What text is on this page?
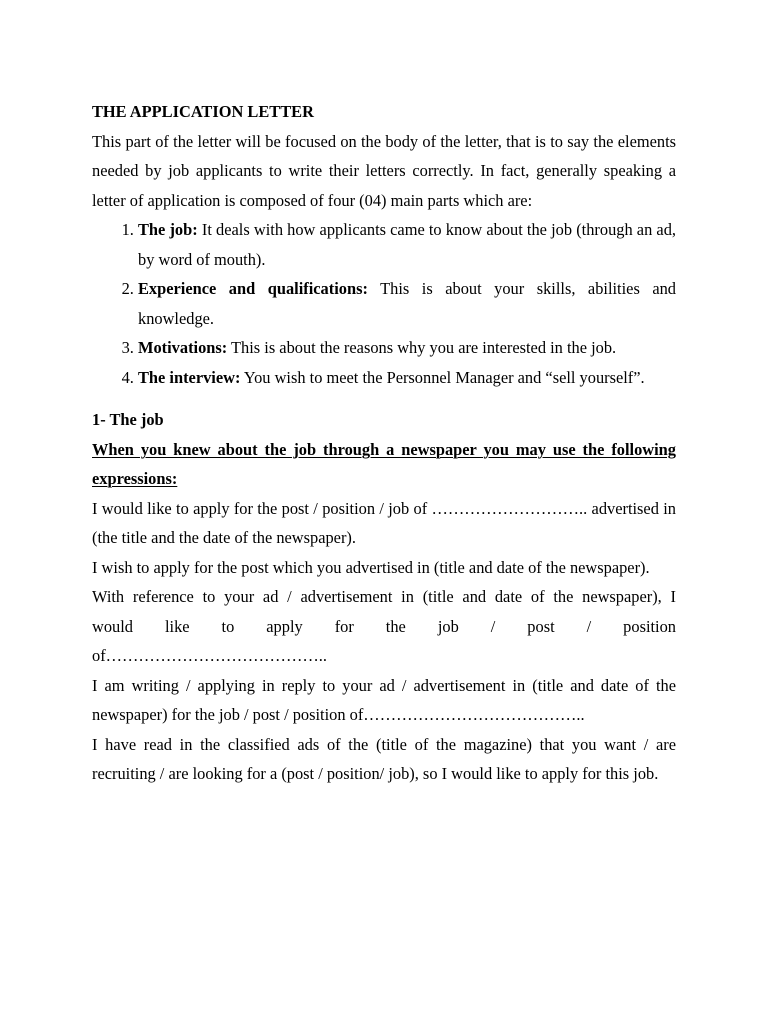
THE APPLICATION LETTER

This part of the letter will be focused on the body of the letter, that is to say the elements needed by job applicants to write their letters correctly. In fact, generally speaking a letter of application is composed of four (04) main parts which are:

1. The job: It deals with how applicants came to know about the job (through an ad, by word of mouth).
2. Experience and qualifications: This is about your skills, abilities and knowledge.
3. Motivations: This is about the reasons why you are interested in the job.
4. The interview: You wish to meet the Personnel Manager and “sell yourself”.

1- The job

When you knew about the job through a newspaper you may use the following expressions:

I would like to apply for the post / position / job of ……………………….. advertised in (the title and the date of the newspaper).

I wish to apply for the post which you advertised in (title and date of the newspaper).

With reference to your ad / advertisement in (title and date of the newspaper), I
would like to apply for the job / post / position
of…………………………………..

I am writing / applying in reply to your ad / advertisement in (title and date of the newspaper) for the job / post / position of…………………………………..

I have read in the classified ads of the (title of the magazine) that you want / are recruiting / are looking for a (post / position/ job), so I would like to apply for this job.
